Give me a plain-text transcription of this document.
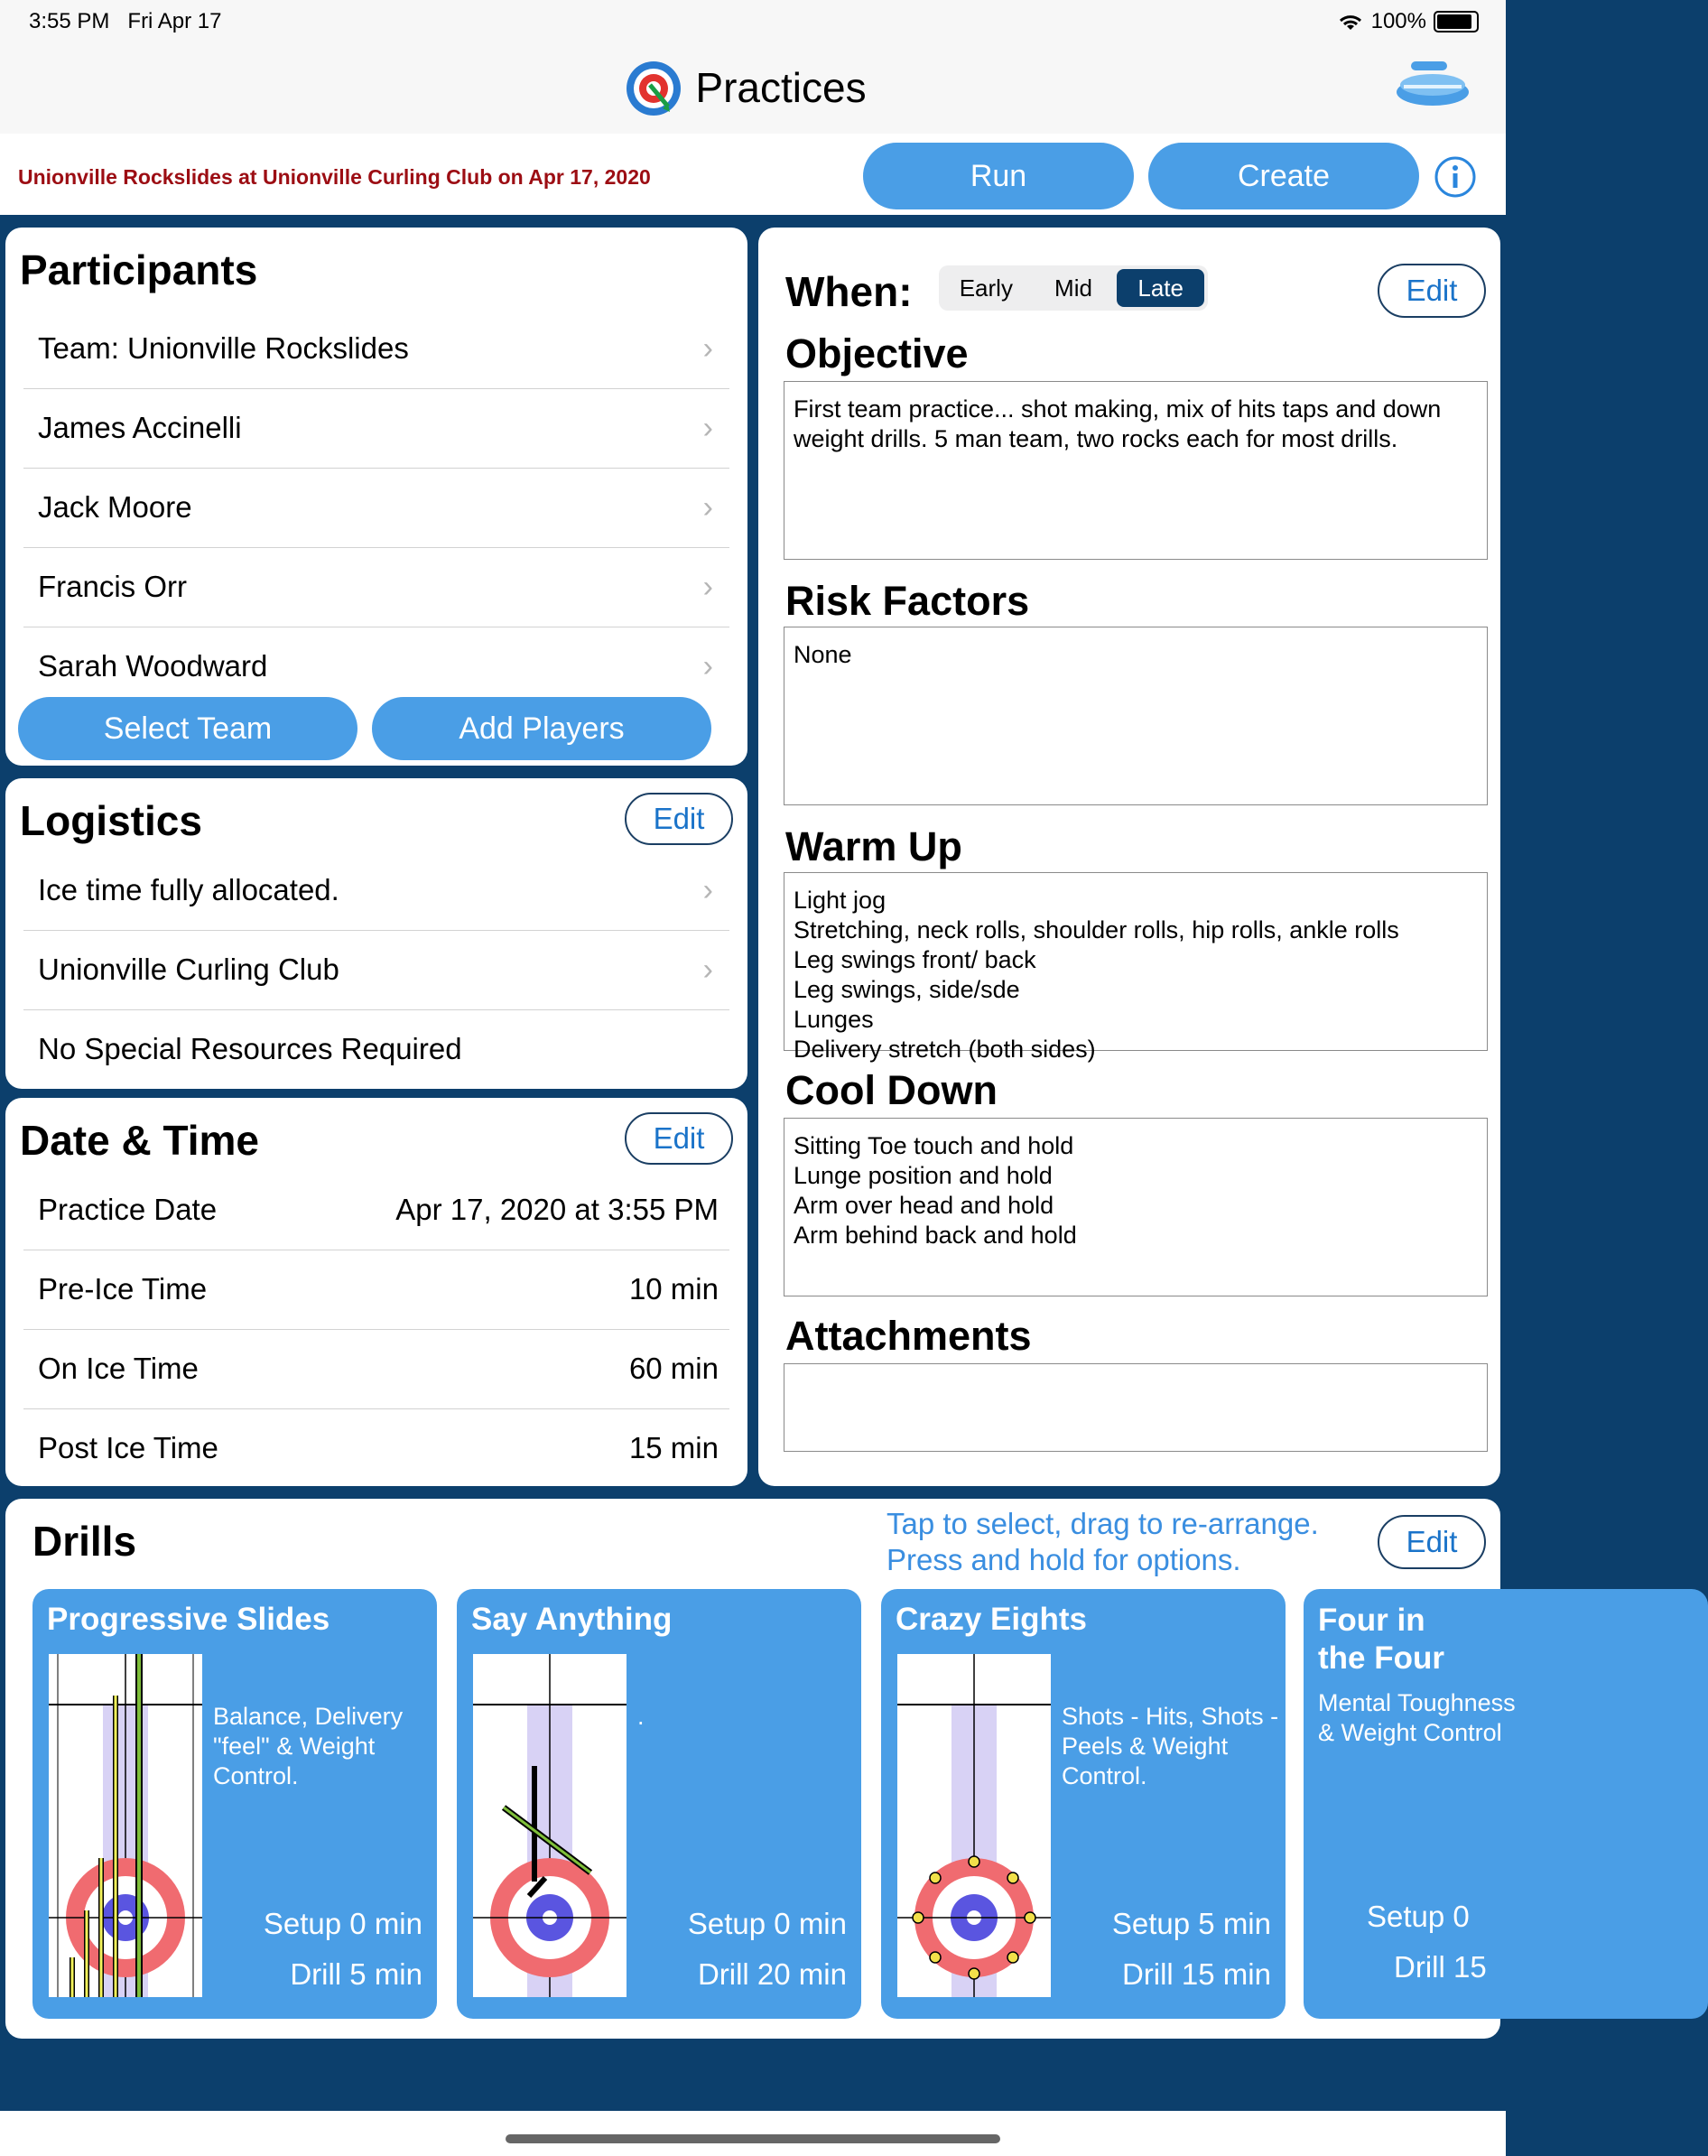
3:55 PM Fri Apr 17	100%
Practices
Unionville Rockslides at Unionville Curling Club on Apr 17, 2020	Run	Create
Participants
Team: Unionville Rockslides	›
James Accinelli	›
Jack Moore	›
Francis Orr	›
Sarah Woodward	›
Select Team	Add Players
Logistics	Edit
Ice time fully allocated.	›
Unionville Curling Club	›
No Special Resources Required
Date & Time	Edit
Practice Date	Apr 17, 2020 at 3:55 PM
Pre-Ice Time	10 min
On Ice Time	60 min
Post Ice Time	15 min
When:	Early	Mid	Late	Edit
Objective
First team practice... shot making, mix of hits taps and down weight drills. 5 man team, two rocks each for most drills.
Risk Factors
None
Warm Up
Light jog
Stretching, neck rolls, shoulder rolls, hip rolls, ankle rolls
Leg swings front/ back
Leg swings, side/sde
Lunges
Delivery stretch (both sides)
Cool Down
Sitting Toe touch and hold
Lunge position and hold
Arm over head and hold
Arm behind back and hold
Attachments
Drills	Tap to select, drag to re-arrange.
Press and hold for options.
Edit
Progressive Slides
Balance, Delivery "feel" & Weight Control.
Setup 0 min
Drill 5 min
Say Anything
.
Setup 0 min
Drill 20 min
Crazy Eights
Shots - Hits, Shots - Peels & Weight Control.
Setup 5 min
Drill 15 min
Four in the Four
Mental Toughness & Weight Control
Setup 0
Drill 15
